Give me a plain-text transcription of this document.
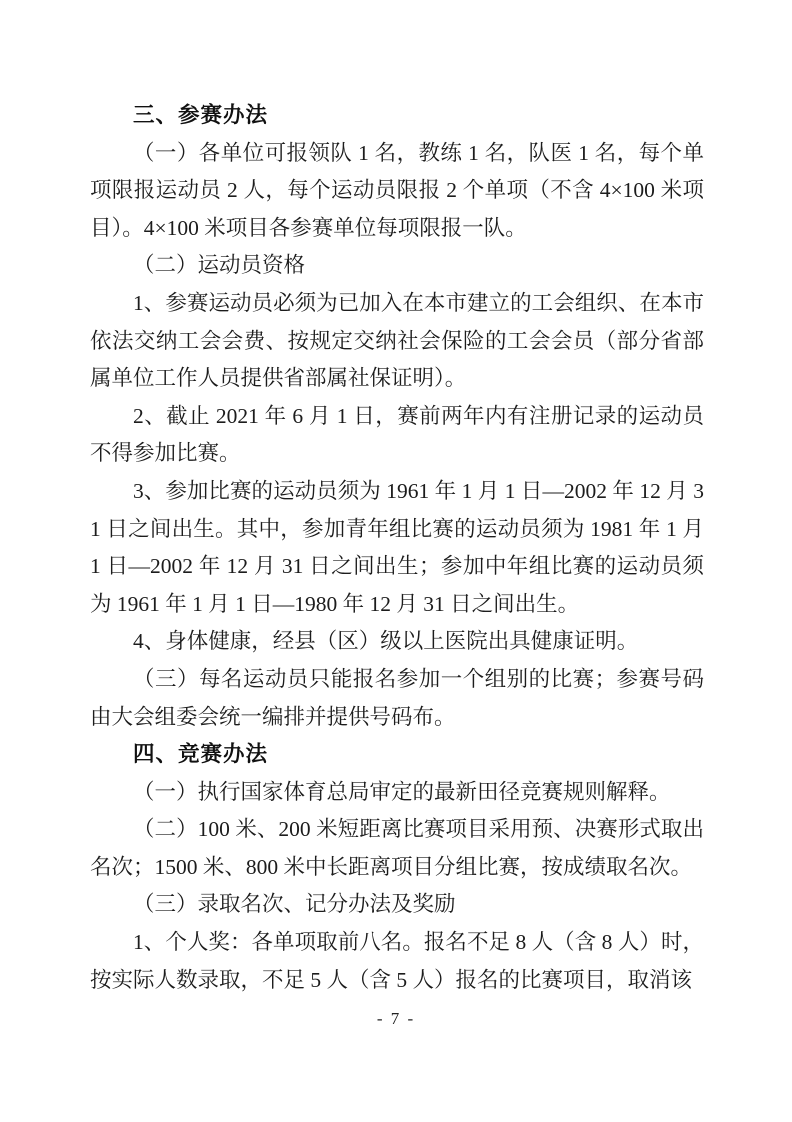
三、参赛办法

（一）各单位可报领队 1 名，教练 1 名，队医 1 名，每个单项限报运动员 2 人，每个运动员限报 2 个单项（不含 4×100 米项目）。4×100 米项目各参赛单位每项限报一队。

（二）运动员资格

1、参赛运动员必须为已加入在本市建立的工会组织、在本市依法交纳工会会费、按规定交纳社会保险的工会会员（部分省部属单位工作人员提供省部属社保证明）。

2、截止 2021 年 6 月 1 日，赛前两年内有注册记录的运动员不得参加比赛。

3、参加比赛的运动员须为 1961 年 1 月 1 日—2002 年 12 月 31 日之间出生。其中，参加青年组比赛的运动员须为 1981 年 1 月 1 日—2002 年 12 月 31 日之间出生；参加中年组比赛的运动员须为 1961 年 1 月 1 日—1980 年 12 月 31 日之间出生。

4、身体健康，经县（区）级以上医院出具健康证明。

（三）每名运动员只能报名参加一个组别的比赛；参赛号码由大会组委会统一编排并提供号码布。

四、竞赛办法

（一）执行国家体育总局审定的最新田径竞赛规则解释。

（二）100 米、200 米短距离比赛项目采用预、决赛形式取出名次；1500 米、800 米中长距离项目分组比赛，按成绩取名次。

（三）录取名次、记分办法及奖励

1、个人奖：各单项取前八名。报名不足 8 人（含 8 人）时，按实际人数录取，不足 5 人（含 5 人）报名的比赛项目，取消该

- 7 -
